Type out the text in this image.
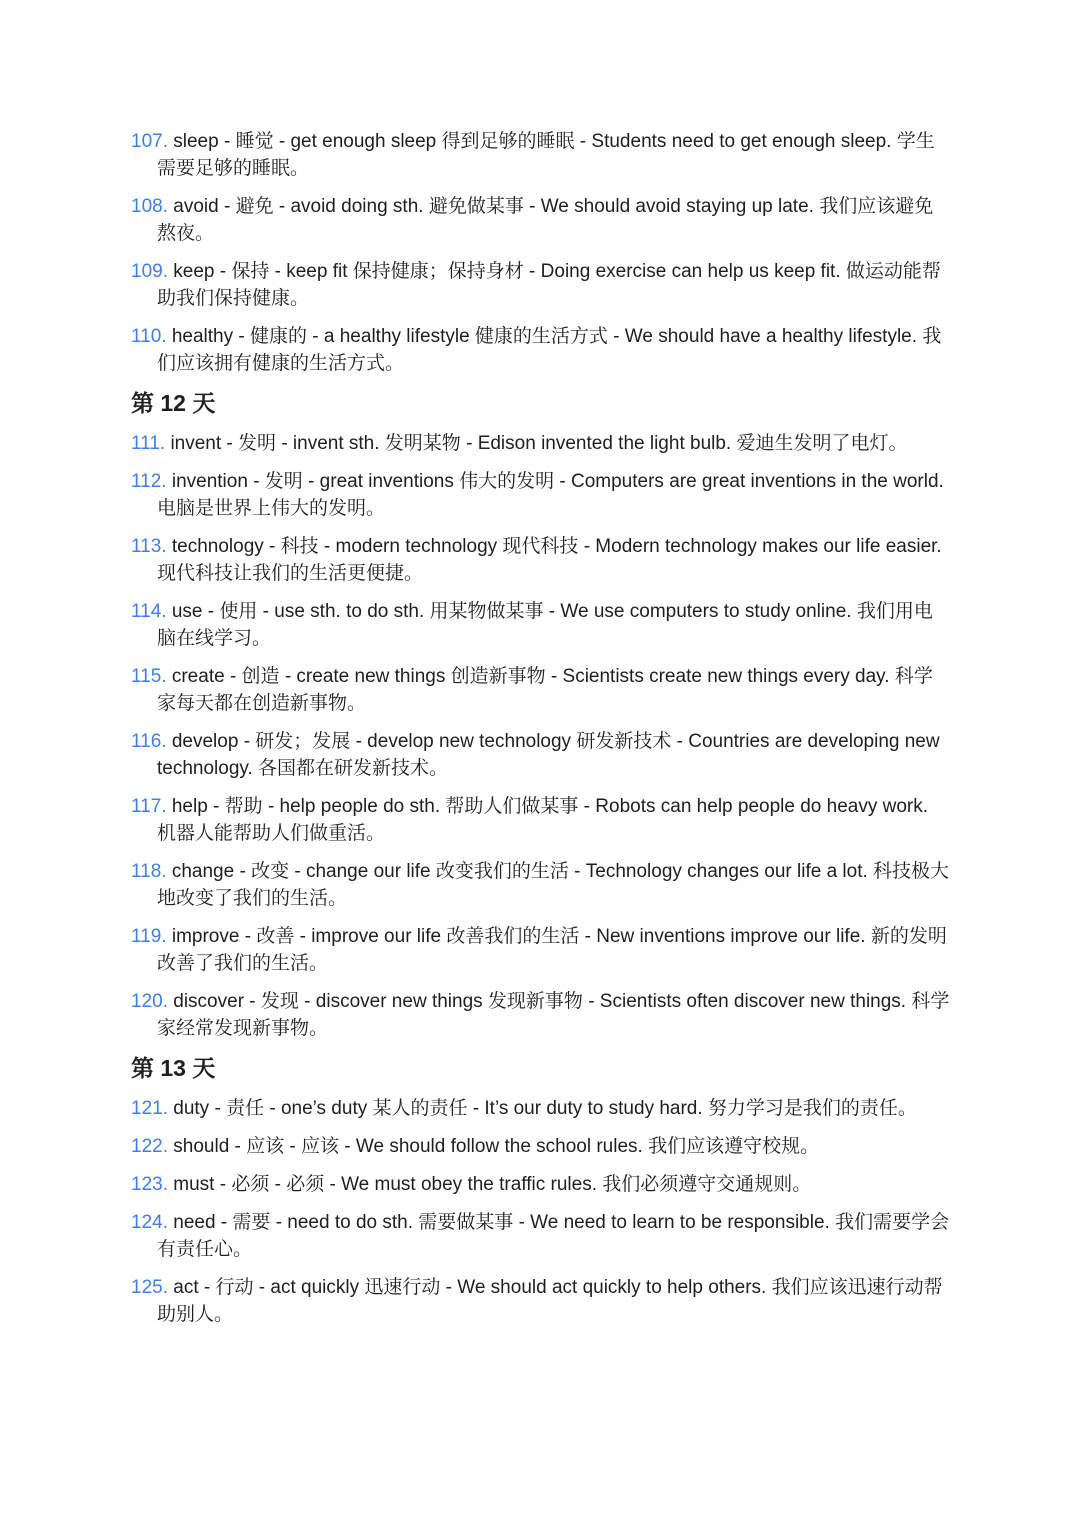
107. sleep - 睡觉 - get enough sleep 得到足够的睡眠 - Students need to get enough sleep. 学生需要足够的睡眠。
108. avoid - 避免 - avoid doing sth. 避免做某事 - We should avoid staying up late. 我们应该避免熬夜。
109. keep - 保持 - keep fit 保持健康；保持身材 - Doing exercise can help us keep fit. 做运动能帮助我们保持健康。
110. healthy - 健康的 - a healthy lifestyle 健康的生活方式 - We should have a healthy lifestyle. 我们应该拥有健康的生活方式。
第 12 天
111. invent - 发明 - invent sth. 发明某物 - Edison invented the light bulb. 爱迪生发明了电灯。
112. invention - 发明 - great inventions 伟大的发明 - Computers are great inventions in the world. 电脑是世界上伟大的发明。
113. technology - 科技 - modern technology 现代科技 - Modern technology makes our life easier. 现代科技让我们的生活更便捷。
114. use - 使用 - use sth. to do sth. 用某物做某事 - We use computers to study online. 我们用电脑在线学习。
115. create - 创造 - create new things 创造新事物 - Scientists create new things every day. 科学家每天都在创造新事物。
116. develop - 研发；发展 - develop new technology 研发新技术 - Countries are developing new technology. 各国都在研发新技术。
117. help - 帮助 - help people do sth. 帮助人们做某事 - Robots can help people do heavy work. 机器人能帮助人们做重活。
118. change - 改变 - change our life 改变我们的生活 - Technology changes our life a lot. 科技极大地改变了我们的生活。
119. improve - 改善 - improve our life 改善我们的生活 - New inventions improve our life. 新的发明改善了我们的生活。
120. discover - 发现 - discover new things 发现新事物 - Scientists often discover new things. 科学家经常发现新事物。
第 13 天
121. duty - 责任 - one’s duty 某人的责任 - It’s our duty to study hard. 努力学习是我们的责任。
122. should - 应该 - 应该 - We should follow the school rules. 我们应该遵守校规。
123. must - 必须 - 必须 - We must obey the traffic rules. 我们必须遵守交通规则。
124. need - 需要 - need to do sth. 需要做某事 - We need to learn to be responsible. 我们需要学会有责任心。
125. act - 行动 - act quickly 迅速行动 - We should act quickly to help others. 我们应该迅速行动帮助别人。
